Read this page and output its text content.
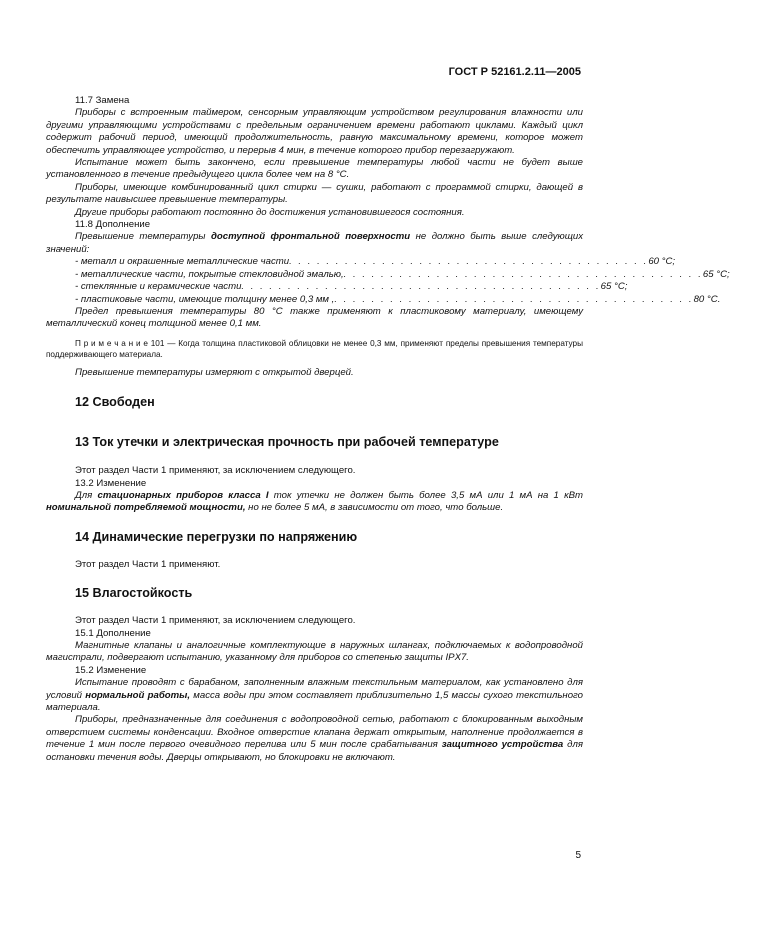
ГОСТ Р 52161.2.11—2005

11.7 Замена

Приборы с встроенным таймером, сенсорным управляющим устройством регулирования влажности или другими управляющими устройствами с предельным ограничением времени работают циклами. Каждый цикл содержит рабочий период, имеющий продолжительность, равную максимальному времени, которое может обеспечить управляющее устройство, и перерыв 4 мин, в течение которого прибор перезагружают.

Испытание может быть закончено, если превышение температуры любой части не будет выше установленного в течение предыдущего цикла более чем на 8 °C.

Приборы, имеющие комбинированный цикл стирки — сушки, работают с программой стирки, дающей в результате наивысшее превышение температуры.

Другие приборы работают постоянно до достижения установившегося состояния.

11.8 Дополнение

Превышение температуры доступной фронтальной поверхности не должно быть выше следующих значений:

- металл и окрашенные металлические части . . . . . . . . . . . . . . . . . . . . . . . . . . . . . . . . . . . . . . . 60 °C;
- металлические части, покрытые стекловидной эмалью, . . . . . . . . . . . . . . . . . . . . . . . . . . . . . . . . . . . . . . . 65 °C;
- стеклянные и керамические части . . . . . . . . . . . . . . . . . . . . . . . . . . . . . . . . . . . . . . . 65 °C;
- пластиковые части, имеющие толщину менее 0,3 мм , . . . . . . . . . . . . . . . . . . . . . . . . . . . . . . . . . . . . . . . 80 °C.

Предел превышения температуры 80 °C также применяют к пластиковому материалу, имеющему металлический конец толщиной менее 0,1 мм.

П р и м е ч а н и е 101 — Когда толщина пластиковой облицовки не менее 0,3 мм, применяют пределы превышения температуры поддерживающего материала.

Превышение температуры измеряют с открытой дверцей.

12 Свободен

13 Ток утечки и электрическая прочность при рабочей температуре

Этот раздел Части 1 применяют, за исключением следующего.

13.2 Изменение

Для стационарных приборов класса I ток утечки не должен быть более 3,5 мА или 1 мА на 1 кВт номинальной потребляемой мощности, но не более 5 мА, в зависимости от того, что больше.

14 Динамические перегрузки по напряжению

Этот раздел Части 1 применяют.

15 Влагостойкость

Этот раздел Части 1 применяют, за исключением следующего.

15.1 Дополнение

Магнитные клапаны и аналогичные комплектующие в наружных шлангах, подключаемых к водопроводной магистрали, подвергают испытанию, указанному для приборов со степенью защиты IPX7.

15.2 Изменение

Испытание проводят с барабаном, заполненным влажным текстильным материалом, как установлено для условий нормальной работы, масса воды при этом составляет приблизительно 1,5 массы сухого текстильного материала.

Приборы, предназначенные для соединения с водопроводной сетью, работают с блокированным выходным отверстием системы конденсации. Входное отверстие клапана держат открытым, наполнение продолжается в течение 1 мин после первого очевидного перелива или 5 мин после срабатывания защитного устройства для остановки течения воды. Дверцы открывают, но блокировки не включают.

5
